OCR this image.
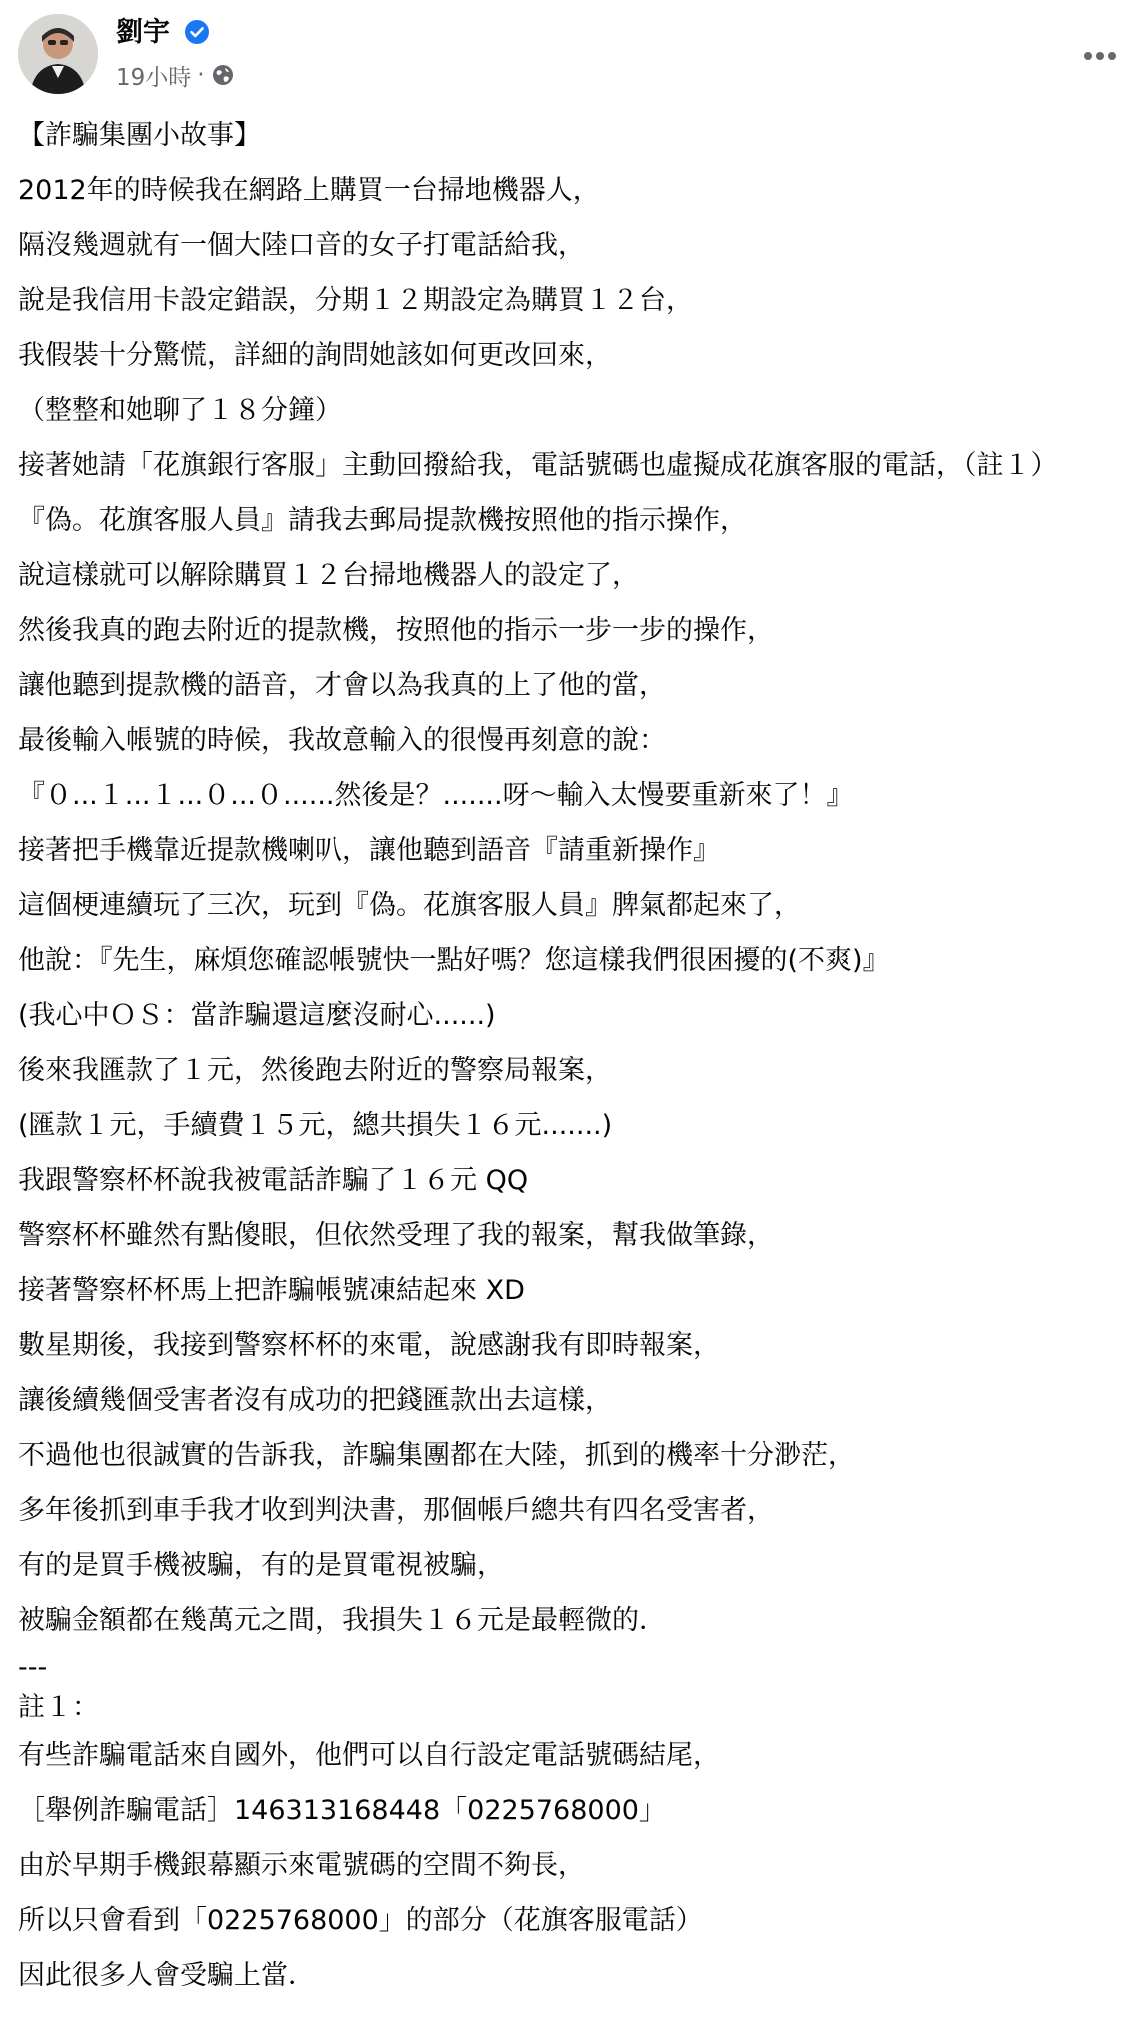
劉宇
19小時 ·
【詐騙集團小故事】
2012年的時候我在網路上購買一台掃地機器人，
隔沒幾週就有一個大陸口音的女子打電話給我，
說是我信用卡設定錯誤，分期１２期設定為購買１２台，
我假裝十分驚慌，詳細的詢問她該如何更改回來，
（整整和她聊了１８分鐘）
接著她請「花旗銀行客服」主動回撥給我，電話號碼也虛擬成花旗客服的電話，（註１）
『偽。花旗客服人員』請我去郵局提款機按照他的指示操作，
說這樣就可以解除購買１２台掃地機器人的設定了，
然後我真的跑去附近的提款機，按照他的指示一步一步的操作，
讓他聽到提款機的語音，才會以為我真的上了他的當，
最後輸入帳號的時候，我故意輸入的很慢再刻意的說：
『０...１...１...０...０......然後是？.......呀～輸入太慢要重新來了！』
接著把手機靠近提款機喇叭，讓他聽到語音『請重新操作』
這個梗連續玩了三次，玩到『偽。花旗客服人員』脾氣都起來了，
他說：『先生，麻煩您確認帳號快一點好嗎？您這樣我們很困擾的(不爽)』
(我心中ＯＳ：當詐騙還這麼沒耐心......)
後來我匯款了１元，然後跑去附近的警察局報案，
(匯款１元，手續費１５元，總共損失１６元.......)
我跟警察杯杯說我被電話詐騙了１６元 QQ
警察杯杯雖然有點傻眼，但依然受理了我的報案，幫我做筆錄，
接著警察杯杯馬上把詐騙帳號凍結起來 XD
數星期後，我接到警察杯杯的來電，說感謝我有即時報案，
讓後續幾個受害者沒有成功的把錢匯款出去這樣，
不過他也很誠實的告訴我，詐騙集團都在大陸，抓到的機率十分渺茫，
多年後抓到車手我才收到判決書，那個帳戶總共有四名受害者，
有的是買手機被騙，有的是買電視被騙，
被騙金額都在幾萬元之間，我損失１６元是最輕微的．
---
註１：
有些詐騙電話來自國外，他們可以自行設定電話號碼結尾，
［舉例詐騙電話］146313168448「0225768000」
由於早期手機銀幕顯示來電號碼的空間不夠長，
所以只會看到「0225768000」的部分（花旗客服電話）
因此很多人會受騙上當．
